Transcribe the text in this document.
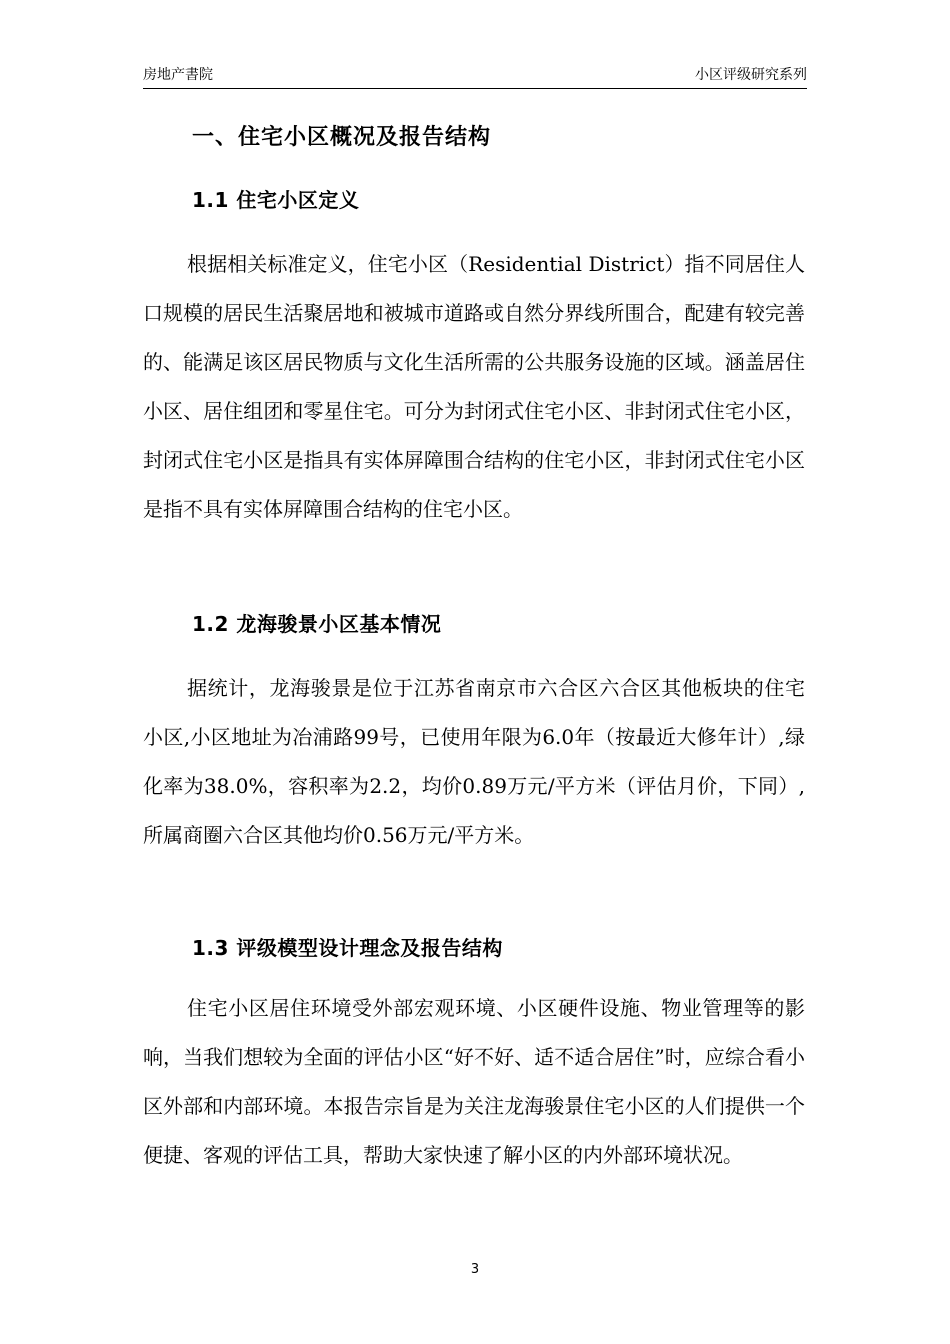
房地产書院	小区评级研究系列
一、住宅小区概况及报告结构
1.1 住宅小区定义

根据相关标准定义，住宅小区（Residential District）指不同居住人口规模的居民生活聚居地和被城市道路或自然分界线所围合，配建有较完善的、能满足该区居民物质与文化生活所需的公共服务设施的区域。涵盖居住小区、居住组团和零星住宅。可分为封闭式住宅小区、非封闭式住宅小区，封闭式住宅小区是指具有实体屏障围合结构的住宅小区，非封闭式住宅小区是指不具有实体屏障围合结构的住宅小区。

1.2 龙海骏景小区基本情况

据统计，龙海骏景是位于江苏省南京市六合区六合区其他板块的住宅小区,小区地址为冶浦路99号，已使用年限为6.0年（按最近大修年计）,绿化率为38.0%，容积率为2.2，均价0.89万元/平方米（评估月价，下同）,所属商圈六合区其他均价0.56万元/平方米。

1.3 评级模型设计理念及报告结构

住宅小区居住环境受外部宏观环境、小区硬件设施、物业管理等的影响，当我们想较为全面的评估小区“好不好、适不适合居住”时，应综合看小区外部和内部环境。本报告宗旨是为关注龙海骏景住宅小区的人们提供一个便捷、客观的评估工具，帮助大家快速了解小区的内外部环境状况。

3
